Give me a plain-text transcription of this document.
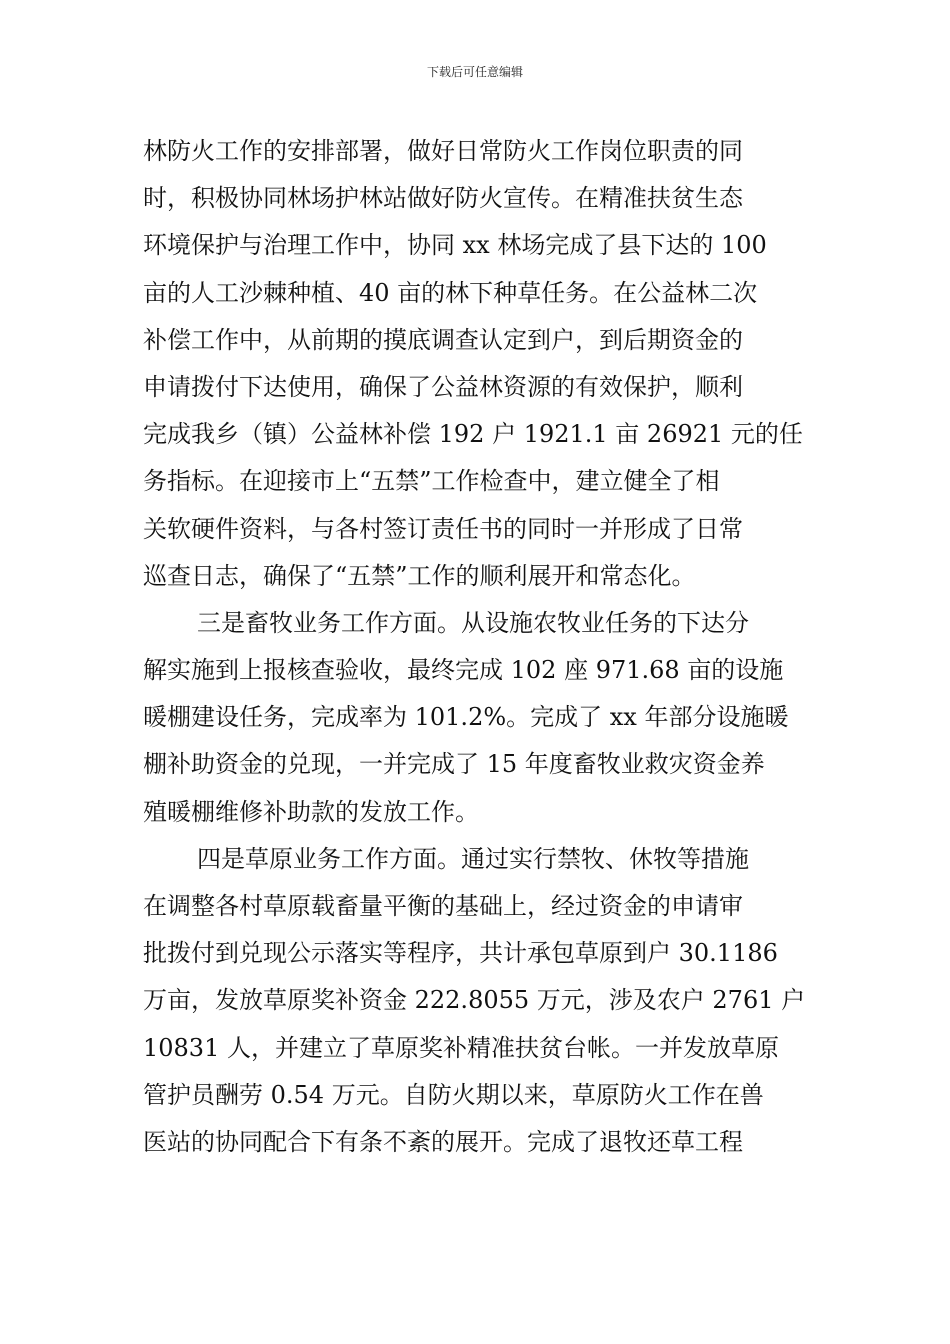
下载后可任意编辑
林防火工作的安排部署，做好日常防火工作岗位职责的同
时，积极协同林场护林站做好防火宣传。在精准扶贫生态
环境保护与治理工作中，协同 xx 林场完成了县下达的 100
亩的人工沙棘种植、40 亩的林下种草任务。在公益林二次
补偿工作中，从前期的摸底调查认定到户，到后期资金的
申请拨付下达使用，确保了公益林资源的有效保护，顺利
完成我乡（镇）公益林补偿 192 户 1921.1 亩 26921 元的任
务指标。在迎接市上“五禁”工作检查中，建立健全了相
关软硬件资料，与各村签订责任书的同时一并形成了日常
巡查日志，确保了“五禁”工作的顺利展开和常态化。
三是畜牧业务工作方面。从设施农牧业任务的下达分
解实施到上报核查验收，最终完成 102 座 971.68 亩的设施
暖棚建设任务，完成率为 101.2%。完成了 xx 年部分设施暖
棚补助资金的兑现，一并完成了 15 年度畜牧业救灾资金养
殖暖棚维修补助款的发放工作。
四是草原业务工作方面。通过实行禁牧、休牧等措施
在调整各村草原载畜量平衡的基础上，经过资金的申请审
批拨付到兑现公示落实等程序，共计承包草原到户 30.1186
万亩，发放草原奖补资金 222.8055 万元，涉及农户 2761 户
10831 人，并建立了草原奖补精准扶贫台帐。一并发放草原
管护员酬劳 0.54 万元。自防火期以来，草原防火工作在兽
医站的协同配合下有条不紊的展开。完成了退牧还草工程
